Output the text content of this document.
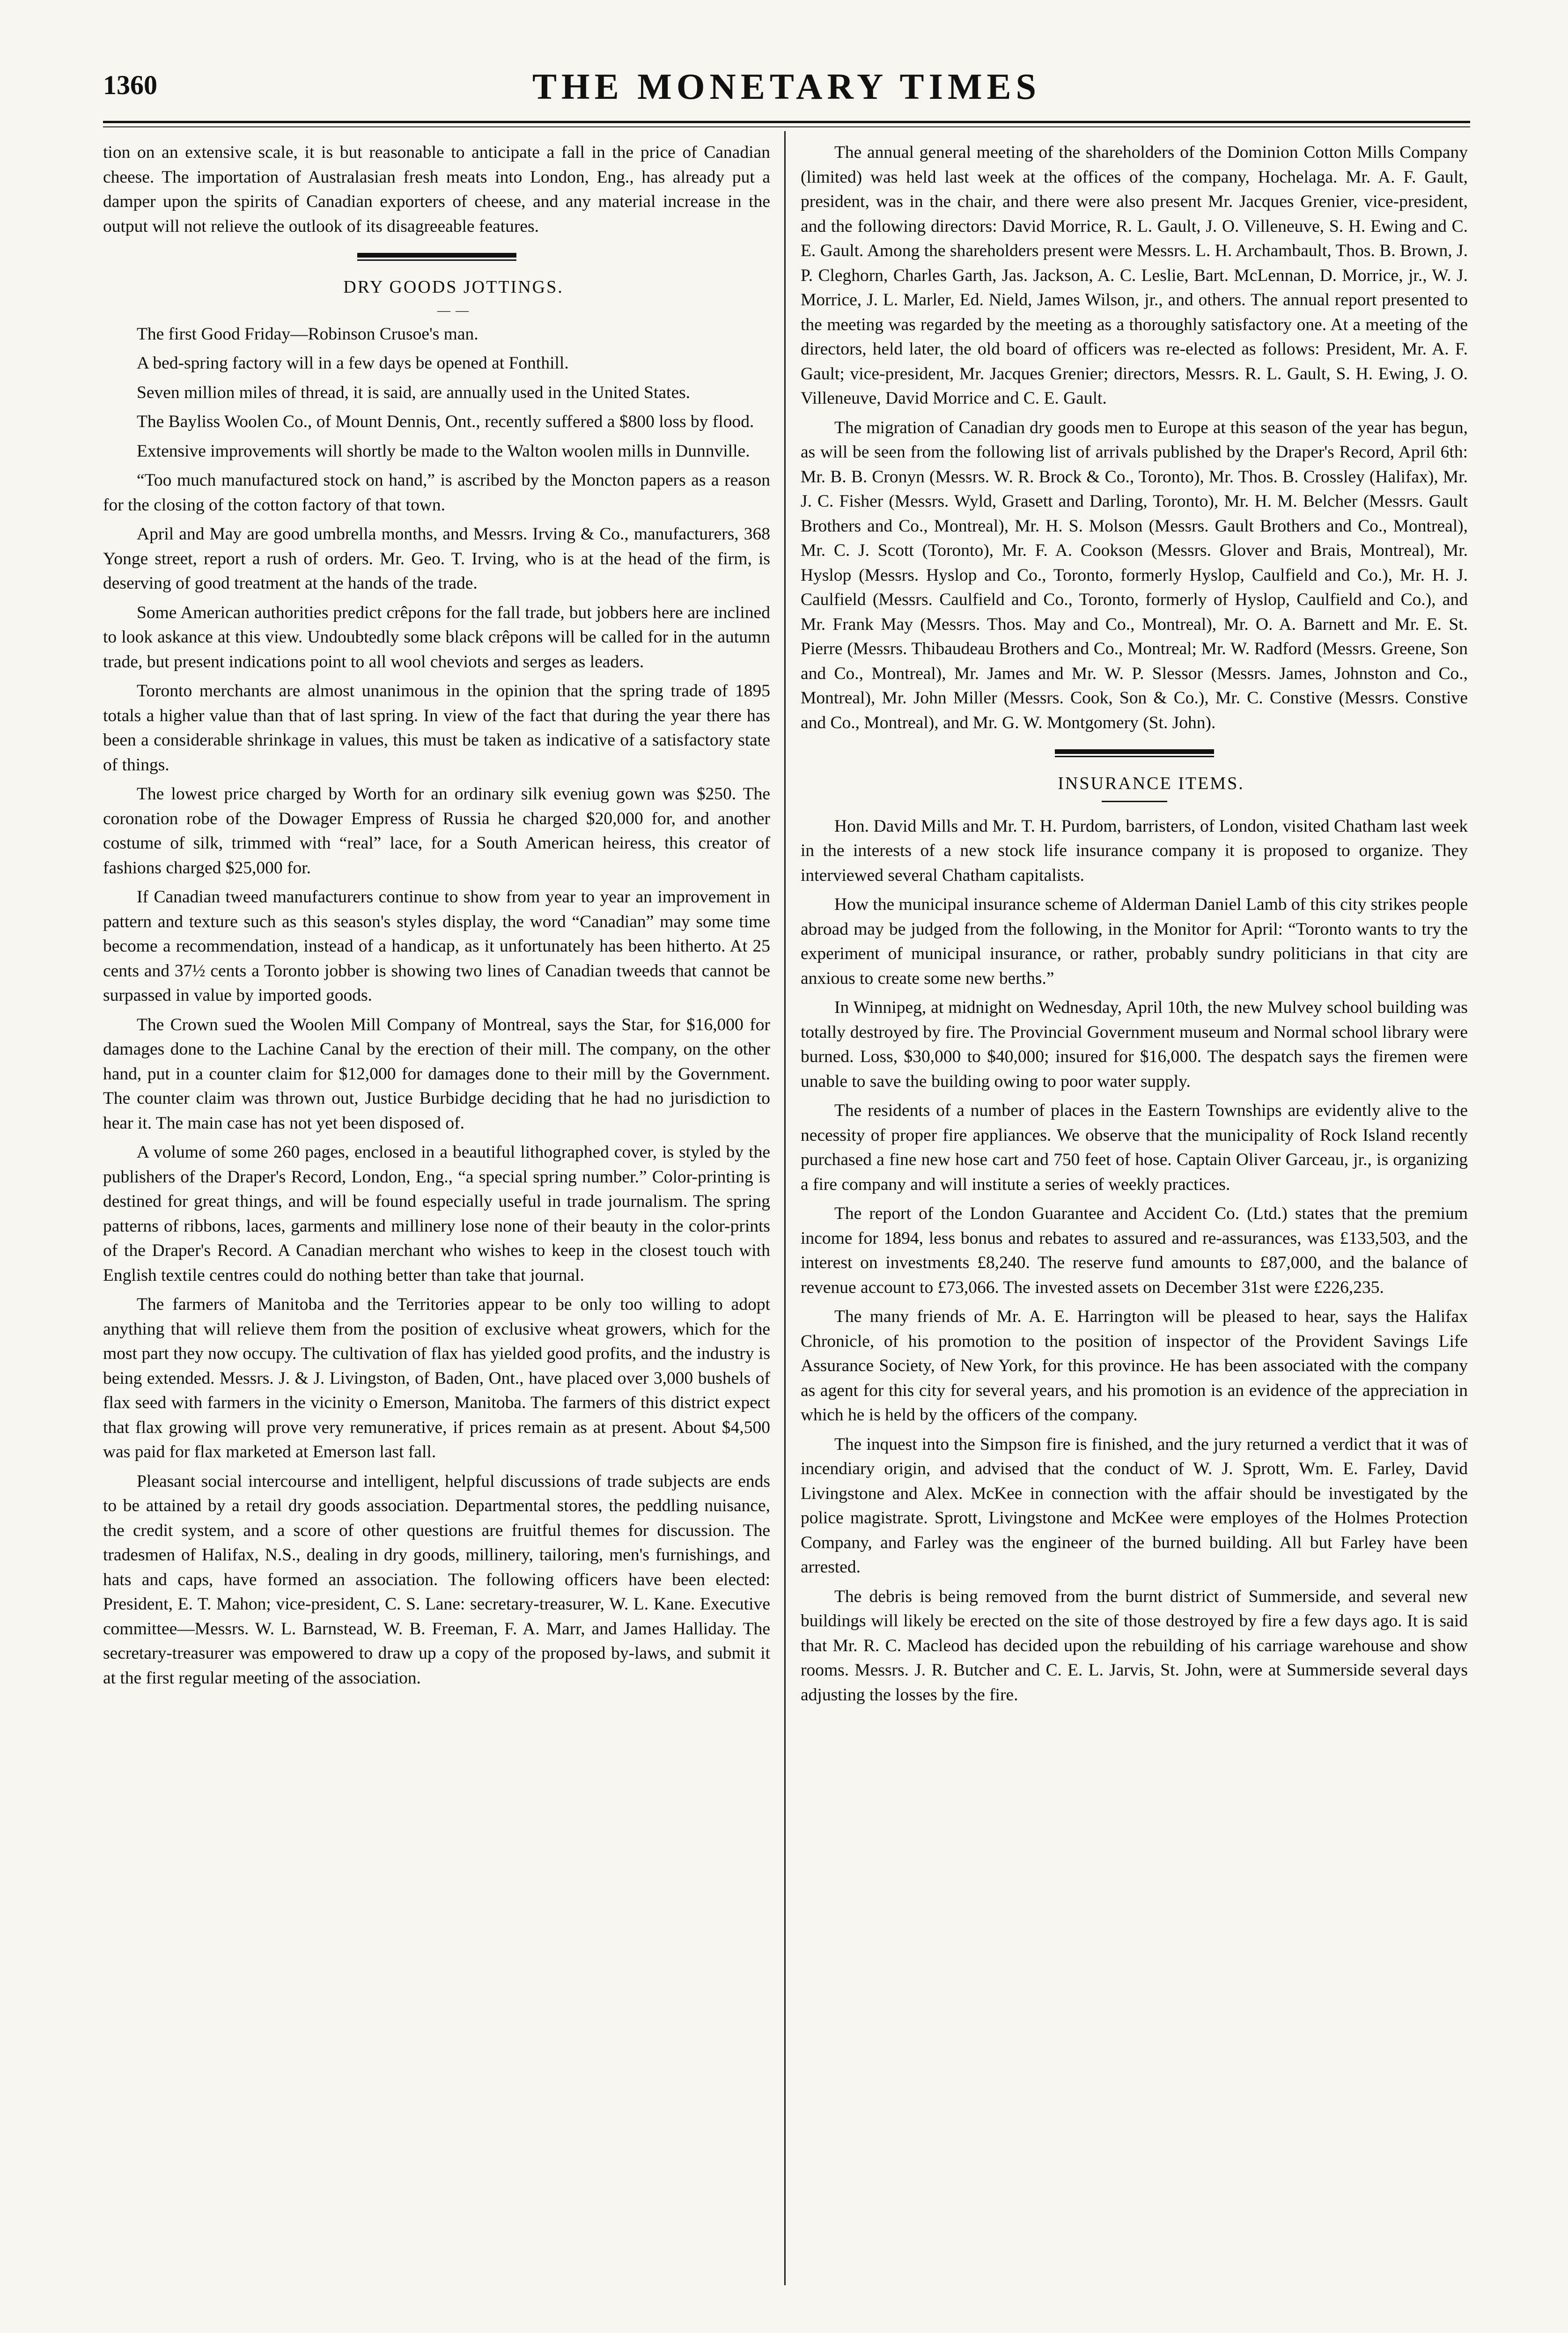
1360	THE MONETARY TIMES

tion on an extensive scale, it is but reasonable to anticipate a fall in the price of Canadian cheese. The importation of Australasian fresh meats into London, Eng., has already put a damper upon the spirits of Canadian exporters of cheese, and any material increase in the output will not relieve the outlook of its disagreeable features.

DRY GOODS JOTTINGS.

— —

The first Good Friday—Robinson Crusoe's man.

A bed-spring factory will in a few days be opened at Fonthill.

Seven million miles of thread, it is said, are annually used in the United States.

The Bayliss Woolen Co., of Mount Dennis, Ont., recently suffered a $800 loss by flood.

Extensive improvements will shortly be made to the Walton woolen mills in Dunnville.

“Too much manufactured stock on hand,” is ascribed by the Moncton papers as a reason for the closing of the cotton factory of that town.

April and May are good umbrella months, and Messrs. Irving & Co., manufacturers, 368 Yonge street, report a rush of orders. Mr. Geo. T. Irving, who is at the head of the firm, is deserving of good treatment at the hands of the trade.

Some American authorities predict crêpons for the fall trade, but jobbers here are inclined to look askance at this view. Undoubtedly some black crêpons will be called for in the autumn trade, but present indications point to all wool cheviots and serges as leaders.

Toronto merchants are almost unanimous in the opinion that the spring trade of 1895 totals a higher value than that of last spring. In view of the fact that during the year there has been a considerable shrinkage in values, this must be taken as indicative of a satisfactory state of things.

The lowest price charged by Worth for an ordinary silk eveniug gown was $250. The coronation robe of the Dowager Empress of Russia he charged $20,000 for, and another costume of silk, trimmed with “real” lace, for a South American heiress, this creator of fashions charged $25,000 for.

If Canadian tweed manufacturers continue to show from year to year an improvement in pattern and texture such as this season's styles display, the word “Canadian” may some time become a recommendation, instead of a handicap, as it unfortunately has been hitherto. At 25 cents and 37½ cents a Toronto jobber is showing two lines of Canadian tweeds that cannot be surpassed in value by imported goods.

The Crown sued the Woolen Mill Company of Montreal, says the Star, for $16,000 for damages done to the Lachine Canal by the erection of their mill. The company, on the other hand, put in a counter claim for $12,000 for damages done to their mill by the Government. The counter claim was thrown out, Justice Burbidge deciding that he had no jurisdiction to hear it. The main case has not yet been disposed of.

A volume of some 260 pages, enclosed in a beautiful lithographed cover, is styled by the publishers of the Draper's Record, London, Eng., “a special spring number.” Color-printing is destined for great things, and will be found especially useful in trade journalism. The spring patterns of ribbons, laces, garments and millinery lose none of their beauty in the color-prints of the Draper's Record. A Canadian merchant who wishes to keep in the closest touch with English textile centres could do nothing better than take that journal.

The farmers of Manitoba and the Territories appear to be only too willing to adopt anything that will relieve them from the position of exclusive wheat growers, which for the most part they now occupy. The cultivation of flax has yielded good profits, and the industry is being extended. Messrs. J. & J. Livingston, of Baden, Ont., have placed over 3,000 bushels of flax seed with farmers in the vicinity o Emerson, Manitoba. The farmers of this district expect that flax growing will prove very remunerative, if prices remain as at present. About $4,500 was paid for flax marketed at Emerson last fall.

Pleasant social intercourse and intelligent, helpful discussions of trade subjects are ends to be attained by a retail dry goods association. Departmental stores, the peddling nuisance, the credit system, and a score of other questions are fruitful themes for discussion. The tradesmen of Halifax, N.S., dealing in dry goods, millinery, tailoring, men's furnishings, and hats and caps, have formed an association. The following officers have been elected: President, E. T. Mahon; vice-president, C. S. Lane: secretary-treasurer, W. L. Kane. Executive committee—Messrs. W. L. Barnstead, W. B. Freeman, F. A. Marr, and James Halliday. The secretary-treasurer was empowered to draw up a copy of the proposed by-laws, and submit it at the first regular meeting of the association.

The annual general meeting of the shareholders of the Dominion Cotton Mills Company (limited) was held last week at the offices of the company, Hochelaga. Mr. A. F. Gault, president, was in the chair, and there were also present Mr. Jacques Grenier, vice-president, and the following directors: David Morrice, R. L. Gault, J. O. Villeneuve, S. H. Ewing and C. E. Gault. Among the shareholders present were Messrs. L. H. Archambault, Thos. B. Brown, J. P. Cleghorn, Charles Garth, Jas. Jackson, A. C. Leslie, Bart. McLennan, D. Morrice, jr., W. J. Morrice, J. L. Marler, Ed. Nield, James Wilson, jr., and others. The annual report presented to the meeting was regarded by the meeting as a thoroughly satisfactory one. At a meeting of the directors, held later, the old board of officers was re-elected as follows: President, Mr. A. F. Gault; vice-president, Mr. Jacques Grenier; directors, Messrs. R. L. Gault, S. H. Ewing, J. O. Villeneuve, David Morrice and C. E. Gault.

The migration of Canadian dry goods men to Europe at this season of the year has begun, as will be seen from the following list of arrivals published by the Draper's Record, April 6th: Mr. B. B. Cronyn (Messrs. W. R. Brock & Co., Toronto), Mr. Thos. B. Crossley (Halifax), Mr. J. C. Fisher (Messrs. Wyld, Grasett and Darling, Toronto), Mr. H. M. Belcher (Messrs. Gault Brothers and Co., Montreal), Mr. H. S. Molson (Messrs. Gault Brothers and Co., Montreal), Mr. C. J. Scott (Toronto), Mr. F. A. Cookson (Messrs. Glover and Brais, Montreal), Mr. Hyslop (Messrs. Hyslop and Co., Toronto, formerly Hyslop, Caulfield and Co.), Mr. H. J. Caulfield (Messrs. Caulfield and Co., Toronto, formerly of Hyslop, Caulfield and Co.), and Mr. Frank May (Messrs. Thos. May and Co., Montreal), Mr. O. A. Barnett and Mr. E. St. Pierre (Messrs. Thibaudeau Brothers and Co., Montreal; Mr. W. Radford (Messrs. Greene, Son and Co., Montreal), Mr. James and Mr. W. P. Slessor (Messrs. James, Johnston and Co., Montreal), Mr. John Miller (Messrs. Cook, Son & Co.), Mr. C. Constive (Messrs. Constive and Co., Montreal), and Mr. G. W. Montgomery (St. John).

INSURANCE ITEMS.

Hon. David Mills and Mr. T. H. Purdom, barristers, of London, visited Chatham last week in the interests of a new stock life insurance company it is proposed to organize. They interviewed several Chatham capitalists.

How the municipal insurance scheme of Alderman Daniel Lamb of this city strikes people abroad may be judged from the following, in the Monitor for April: “Toronto wants to try the experiment of municipal insurance, or rather, probably sundry politicians in that city are anxious to create some new berths.”

In Winnipeg, at midnight on Wednesday, April 10th, the new Mulvey school building was totally destroyed by fire. The Provincial Government museum and Normal school library were burned. Loss, $30,000 to $40,000; insured for $16,000. The despatch says the firemen were unable to save the building owing to poor water supply.

The residents of a number of places in the Eastern Townships are evidently alive to the necessity of proper fire appliances. We observe that the municipality of Rock Island recently purchased a fine new hose cart and 750 feet of hose. Captain Oliver Garceau, jr., is organizing a fire company and will institute a series of weekly practices.

The report of the London Guarantee and Accident Co. (Ltd.) states that the premium income for 1894, less bonus and rebates to assured and re-assurances, was £133,503, and the interest on investments £8,240. The reserve fund amounts to £87,000, and the balance of revenue account to £73,066. The invested assets on December 31st were £226,235.

The many friends of Mr. A. E. Harrington will be pleased to hear, says the Halifax Chronicle, of his promotion to the position of inspector of the Provident Savings Life Assurance Society, of New York, for this province. He has been associated with the company as agent for this city for several years, and his promotion is an evidence of the appreciation in which he is held by the officers of the company.

The inquest into the Simpson fire is finished, and the jury returned a verdict that it was of incendiary origin, and advised that the conduct of W. J. Sprott, Wm. E. Farley, David Livingstone and Alex. McKee in connection with the affair should be investigated by the police magistrate. Sprott, Livingstone and McKee were employes of the Holmes Protection Company, and Farley was the engineer of the burned building. All but Farley have been arrested.

The debris is being removed from the burnt district of Summerside, and several new buildings will likely be erected on the site of those destroyed by fire a few days ago. It is said that Mr. R. C. Macleod has decided upon the rebuilding of his carriage warehouse and show rooms. Messrs. J. R. Butcher and C. E. L. Jarvis, St. John, were at Summerside several days adjusting the losses by the fire.
